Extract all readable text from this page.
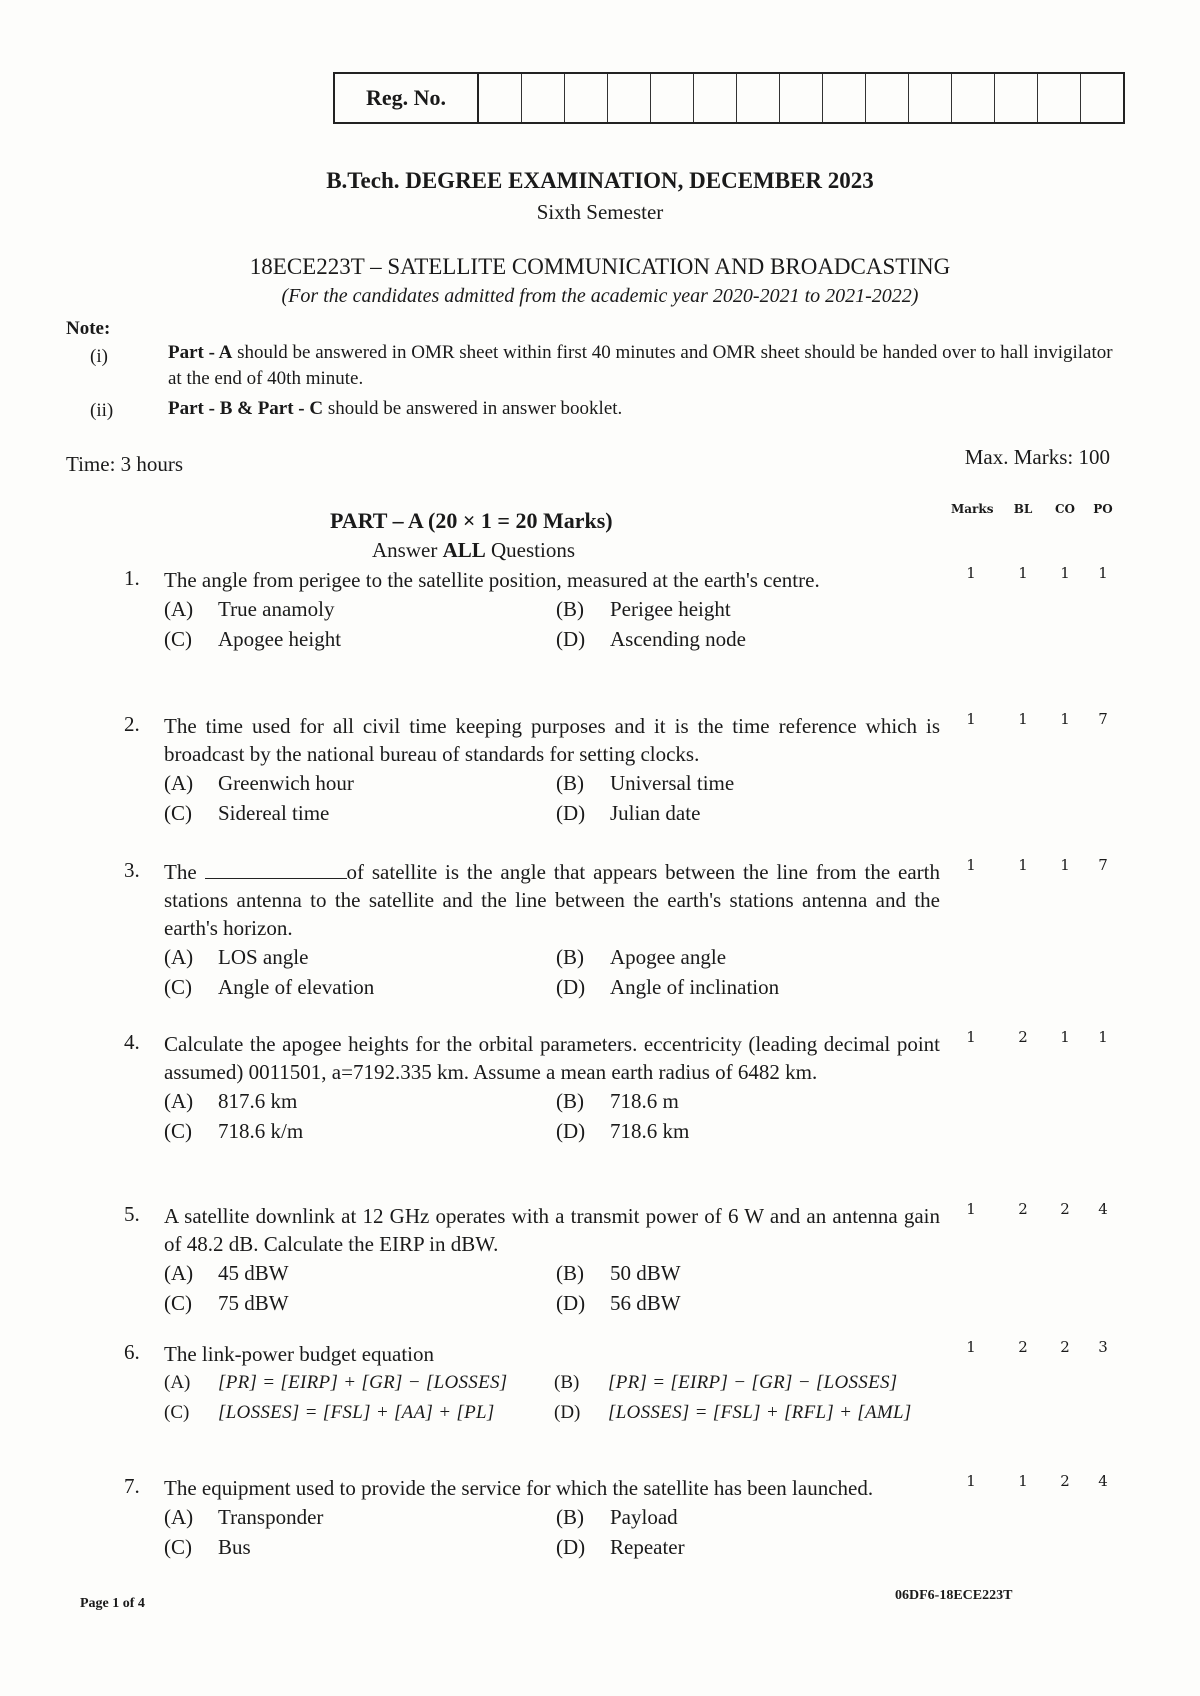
Reg. No.
B.Tech. DEGREE EXAMINATION, DECEMBER 2023
Sixth Semester
18ECE223T – SATELLITE COMMUNICATION AND BROADCASTING
(For the candidates admitted from the academic year 2020-2021 to 2021-2022)
Note:
(i)	Part - A should be answered in OMR sheet within first 40 minutes and OMR sheet should be handed over to hall invigilator at the end of 40th minute.
(ii)	Part - B & Part - C should be answered in answer booklet.
Time: 3 hours	Max. Marks: 100
PART – A (20 × 1 = 20 Marks)
Answer ALL Questions
Marks	BL	CO	PO
1. The angle from perigee to the satellite position, measured at the earth's centre.
(A)	True anamoly	(B)	Perigee height
(C)	Apogee height	(D)	Ascending node
1	1	1	1
2. The time used for all civil time keeping purposes and it is the time reference which is broadcast by the national bureau of standards for setting clocks.
(A)	Greenwich hour	(B)	Universal time
(C)	Sidereal time	(D)	Julian date
1	1	1	7
3. The	of satellite is the angle that appears between the line from the earth stations antenna to the satellite and the line between the earth's stations antenna and the earth's horizon.
(A)	LOS angle	(B)	Apogee angle
(C)	Angle of elevation	(D)	Angle of inclination
1	1	1	7
4. Calculate the apogee heights for the orbital parameters. eccentricity (leading decimal point assumed) 0011501, a=7192.335 km. Assume a mean earth radius of 6482 km.
(A)	817.6 km	(B)	718.6 m
(C)	718.6 k/m	(D)	718.6 km
1	2	1	1
5. A satellite downlink at 12 GHz operates with a transmit power of 6 W and an antenna gain of 48.2 dB. Calculate the EIRP in dBW.
(A)	45 dBW	(B)	50 dBW
(C)	75 dBW	(D)	56 dBW
1	2	2	4
6. The link-power budget equation
(A)	[PR] = [EIRP] + [GR] − [LOSSES] (B)	[PR] = [EIRP] − [GR] − [LOSSES]
(C)	[LOSSES] = [FSL] + [AA] + [PL]	(D)	[LOSSES] = [FSL] + [RFL] + [AML]
1	2	2	3
7. The equipment used to provide the service for which the satellite has been launched.
(A)	Transponder	(B)	Payload
(C)	Bus	(D)	Repeater
1	1	2	4
Page 1 of 4
06DF6-18ECE223T
